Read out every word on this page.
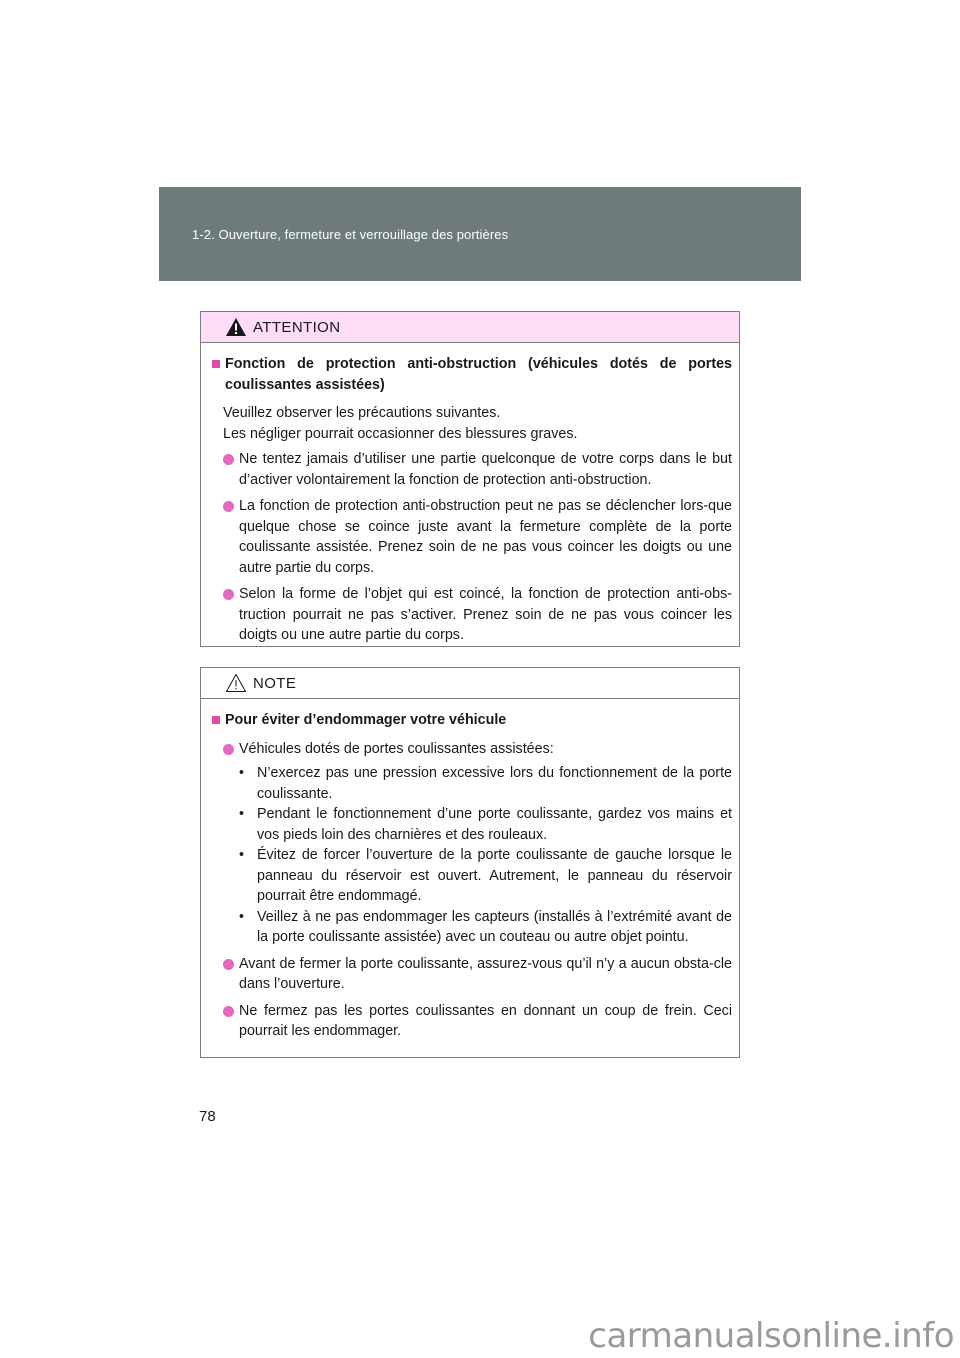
1-2. Ouverture, fermeture et verrouillage des portières
ATTENTION
Fonction de protection anti-obstruction (véhicules dotés de portes coulissantes assistées)
Veuillez observer les précautions suivantes.
Les négliger pourrait occasionner des blessures graves.
Ne tentez jamais d’utiliser une partie quelconque de votre corps dans le but d’activer volontairement la fonction de protection anti-obstruction.
La fonction de protection anti-obstruction peut ne pas se déclencher lors-que quelque chose se coince juste avant la fermeture complète de la porte coulissante assistée. Prenez soin de ne pas vous coincer les doigts ou une autre partie du corps.
Selon la forme de l’objet qui est coincé, la fonction de protection anti-obs-truction pourrait ne pas s’activer. Prenez soin de ne pas vous coincer les doigts ou une autre partie du corps.
NOTE
Pour éviter d’endommager votre véhicule
Véhicules dotés de portes coulissantes assistées:
• N’exercez pas une pression excessive lors du fonctionnement de la porte coulissante.
• Pendant le fonctionnement d’une porte coulissante, gardez vos mains et vos pieds loin des charnières et des rouleaux.
• Évitez de forcer l’ouverture de la porte coulissante de gauche lorsque le panneau du réservoir est ouvert. Autrement, le panneau du réservoir pourrait être endommagé.
• Veillez à ne pas endommager les capteurs (installés à l’extrémité avant de la porte coulissante assistée) avec un couteau ou autre objet pointu.
Avant de fermer la porte coulissante, assurez-vous qu’il n’y a aucun obsta-cle dans l’ouverture.
Ne fermez pas les portes coulissantes en donnant un coup de frein. Ceci pourrait les endommager.
78
carmanualsonline.info
